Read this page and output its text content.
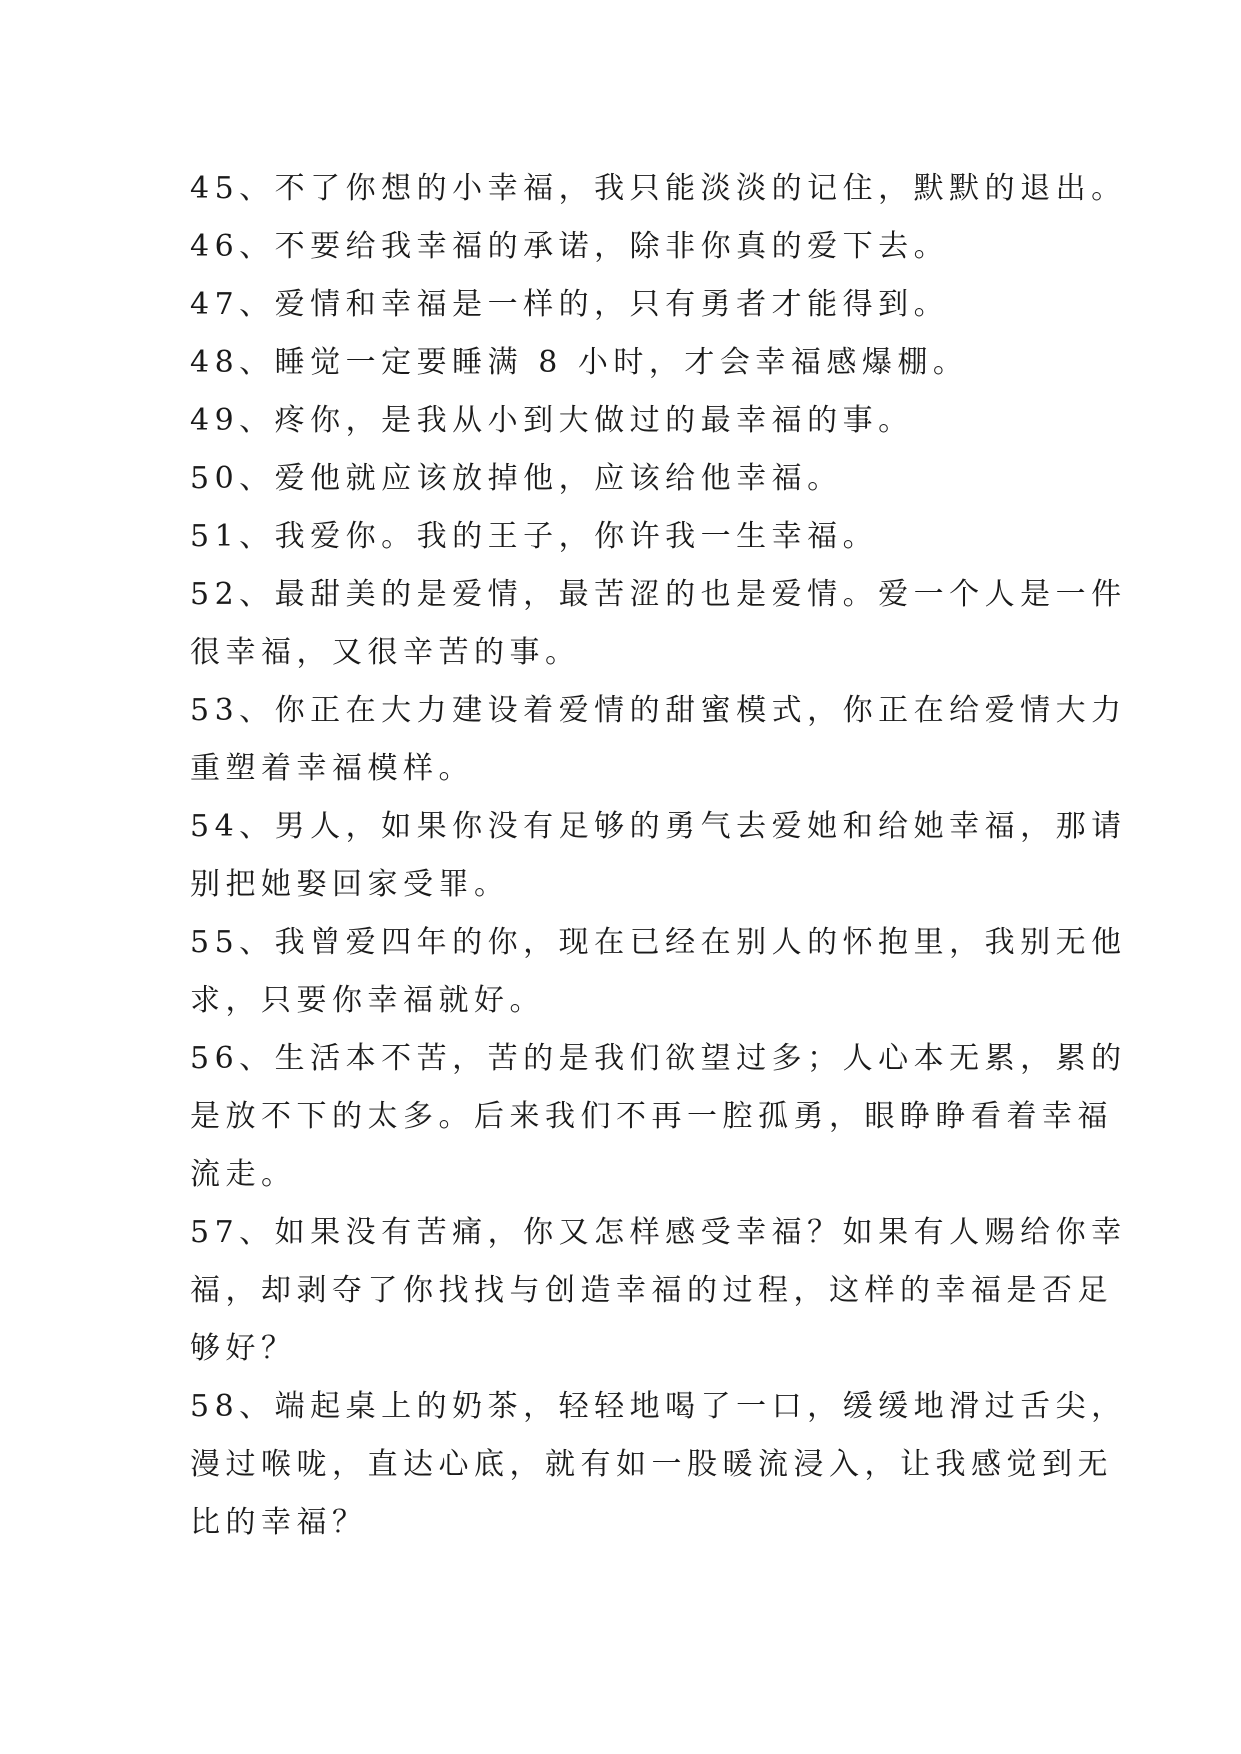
45、不了你想的小幸福，我只能淡淡的记住，默默的退出。
46、不要给我幸福的承诺，除非你真的爱下去。
47、爱情和幸福是一样的，只有勇者才能得到。
48、睡觉一定要睡满 8 小时，才会幸福感爆棚。
49、疼你，是我从小到大做过的最幸福的事。
50、爱他就应该放掉他，应该给他幸福。
51、我爱你。我的王子，你许我一生幸福。
52、最甜美的是爱情，最苦涩的也是爱情。爱一个人是一件
很幸福，又很辛苦的事。
53、你正在大力建设着爱情的甜蜜模式，你正在给爱情大力
重塑着幸福模样。
54、男人，如果你没有足够的勇气去爱她和给她幸福，那请
别把她娶回家受罪。
55、我曾爱四年的你，现在已经在别人的怀抱里，我别无他
求，只要你幸福就好。
56、生活本不苦，苦的是我们欲望过多；人心本无累，累的
是放不下的太多。后来我们不再一腔孤勇，眼睁睁看着幸福
流走。
57、如果没有苦痛，你又怎样感受幸福？如果有人赐给你幸
福，却剥夺了你找找与创造幸福的过程，这样的幸福是否足
够好？
58、端起桌上的奶茶，轻轻地喝了一口，缓缓地滑过舌尖，
漫过喉咙，直达心底，就有如一股暖流浸入，让我感觉到无
比的幸福？
